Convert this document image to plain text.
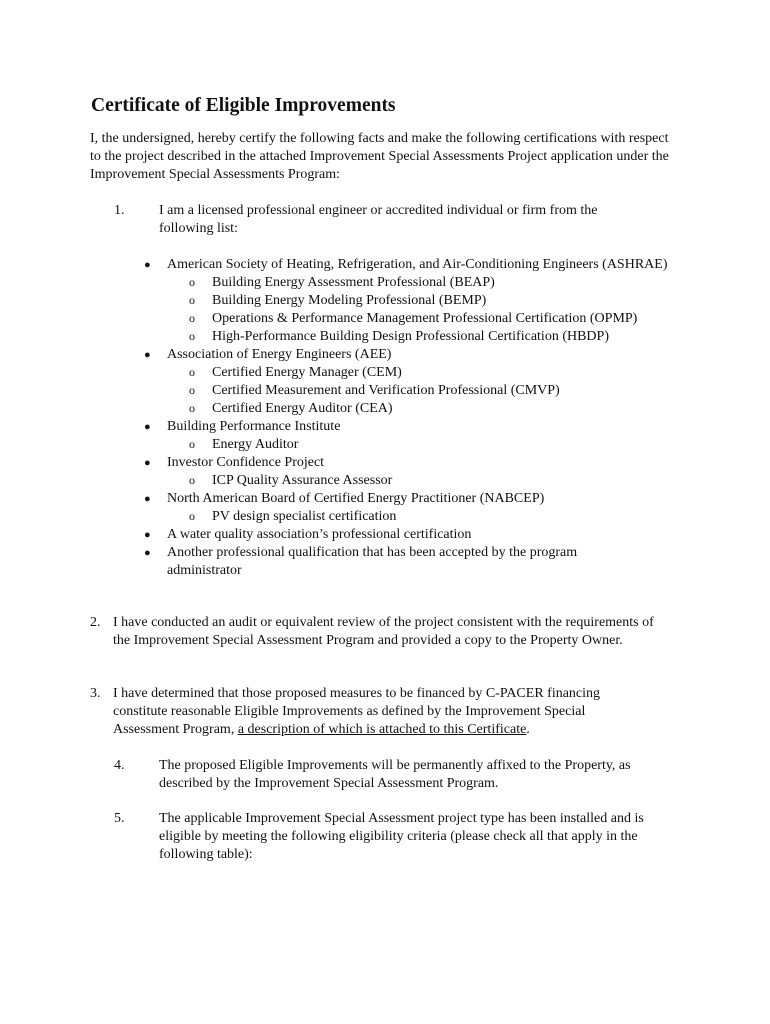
Certificate of Eligible Improvements

I, the undersigned, hereby certify the following facts and make the following certifications with respect to the project described in the attached Improvement Special Assessments Project application under the Improvement Special Assessments Program:

1. I am a licensed professional engineer or accredited individual or firm from the following list:

● American Society of Heating, Refrigeration, and Air-Conditioning Engineers (ASHRAE)
o Building Energy Assessment Professional (BEAP)
o Building Energy Modeling Professional (BEMP)
o Operations & Performance Management Professional Certification (OPMP)
o High-Performance Building Design Professional Certification (HBDP)
● Association of Energy Engineers (AEE)
o Certified Energy Manager (CEM)
o Certified Measurement and Verification Professional (CMVP)
o Certified Energy Auditor (CEA)
● Building Performance Institute
o Energy Auditor
● Investor Confidence Project
o ICP Quality Assurance Assessor
● North American Board of Certified Energy Practitioner (NABCEP)
o PV design specialist certification
● A water quality association’s professional certification
● Another professional qualification that has been accepted by the program administrator
2. I have conducted an audit or equivalent review of the project consistent with the requirements of the Improvement Special Assessment Program and provided a copy to the Property Owner.

3. I have determined that those proposed measures to be financed by C-PACER financing constitute reasonable Eligible Improvements as defined by the Improvement Special Assessment Program, a description of which is attached to this Certificate.

4. The proposed Eligible Improvements will be permanently affixed to the Property, as described by the Improvement Special Assessment Program.

5. The applicable Improvement Special Assessment project type has been installed and is eligible by meeting the following eligibility criteria (please check all that apply in the following table):
